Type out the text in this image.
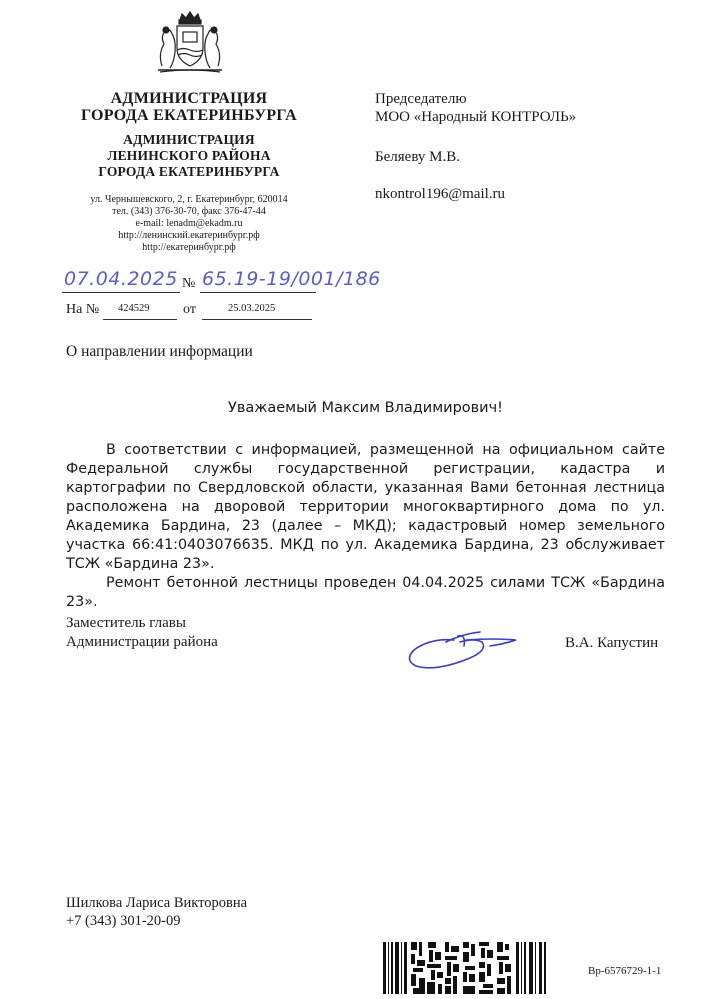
АДМИНИСТРАЦИЯ
ГОРОДА ЕКАТЕРИНБУРГА
АДМИНИСТРАЦИЯ
ЛЕНИНСКОГО РАЙОНА
ГОРОДА ЕКАТЕРИНБУРГА
ул. Чернышевского, 2, г. Екатеринбург, 620014
тел. (343) 376-30-70, факс 376-47-44
e-mail: lenadm@ekadm.ru
http://ленинский.екатеринбург.рф
http://екатеринбург.рф
Председателю
МОО «Народный КОНТРОЛЬ»
Беляеву М.В.
nkontrol196@mail.ru
07.04.2025 № 65.19-19/001/186
На № 424529 от	25.03.2025
О направлении информации
Уважаемый Максим Владимирович!

В соответствии с информацией, размещенной на официальном сайте Федеральной службы государственной регистрации, кадастра и картографии по Свердловской области, указанная Вами бетонная лестница расположена на дворовой территории многоквартирного дома по ул. Академика Бардина, 23 (далее – МКД); кадастровый номер земельного участка 66:41:0403076635. МКД по ул. Академика Бардина, 23 обслуживает ТСЖ «Бардина 23».

Ремонт бетонной лестницы проведен 04.04.2025 силами ТСЖ «Бардина 23».

Заместитель главы
Администрации района	В.А. Капустин
Шилкова Лариса Викторовна
+7 (343) 301-20-09
Вр-6576729-1-1
